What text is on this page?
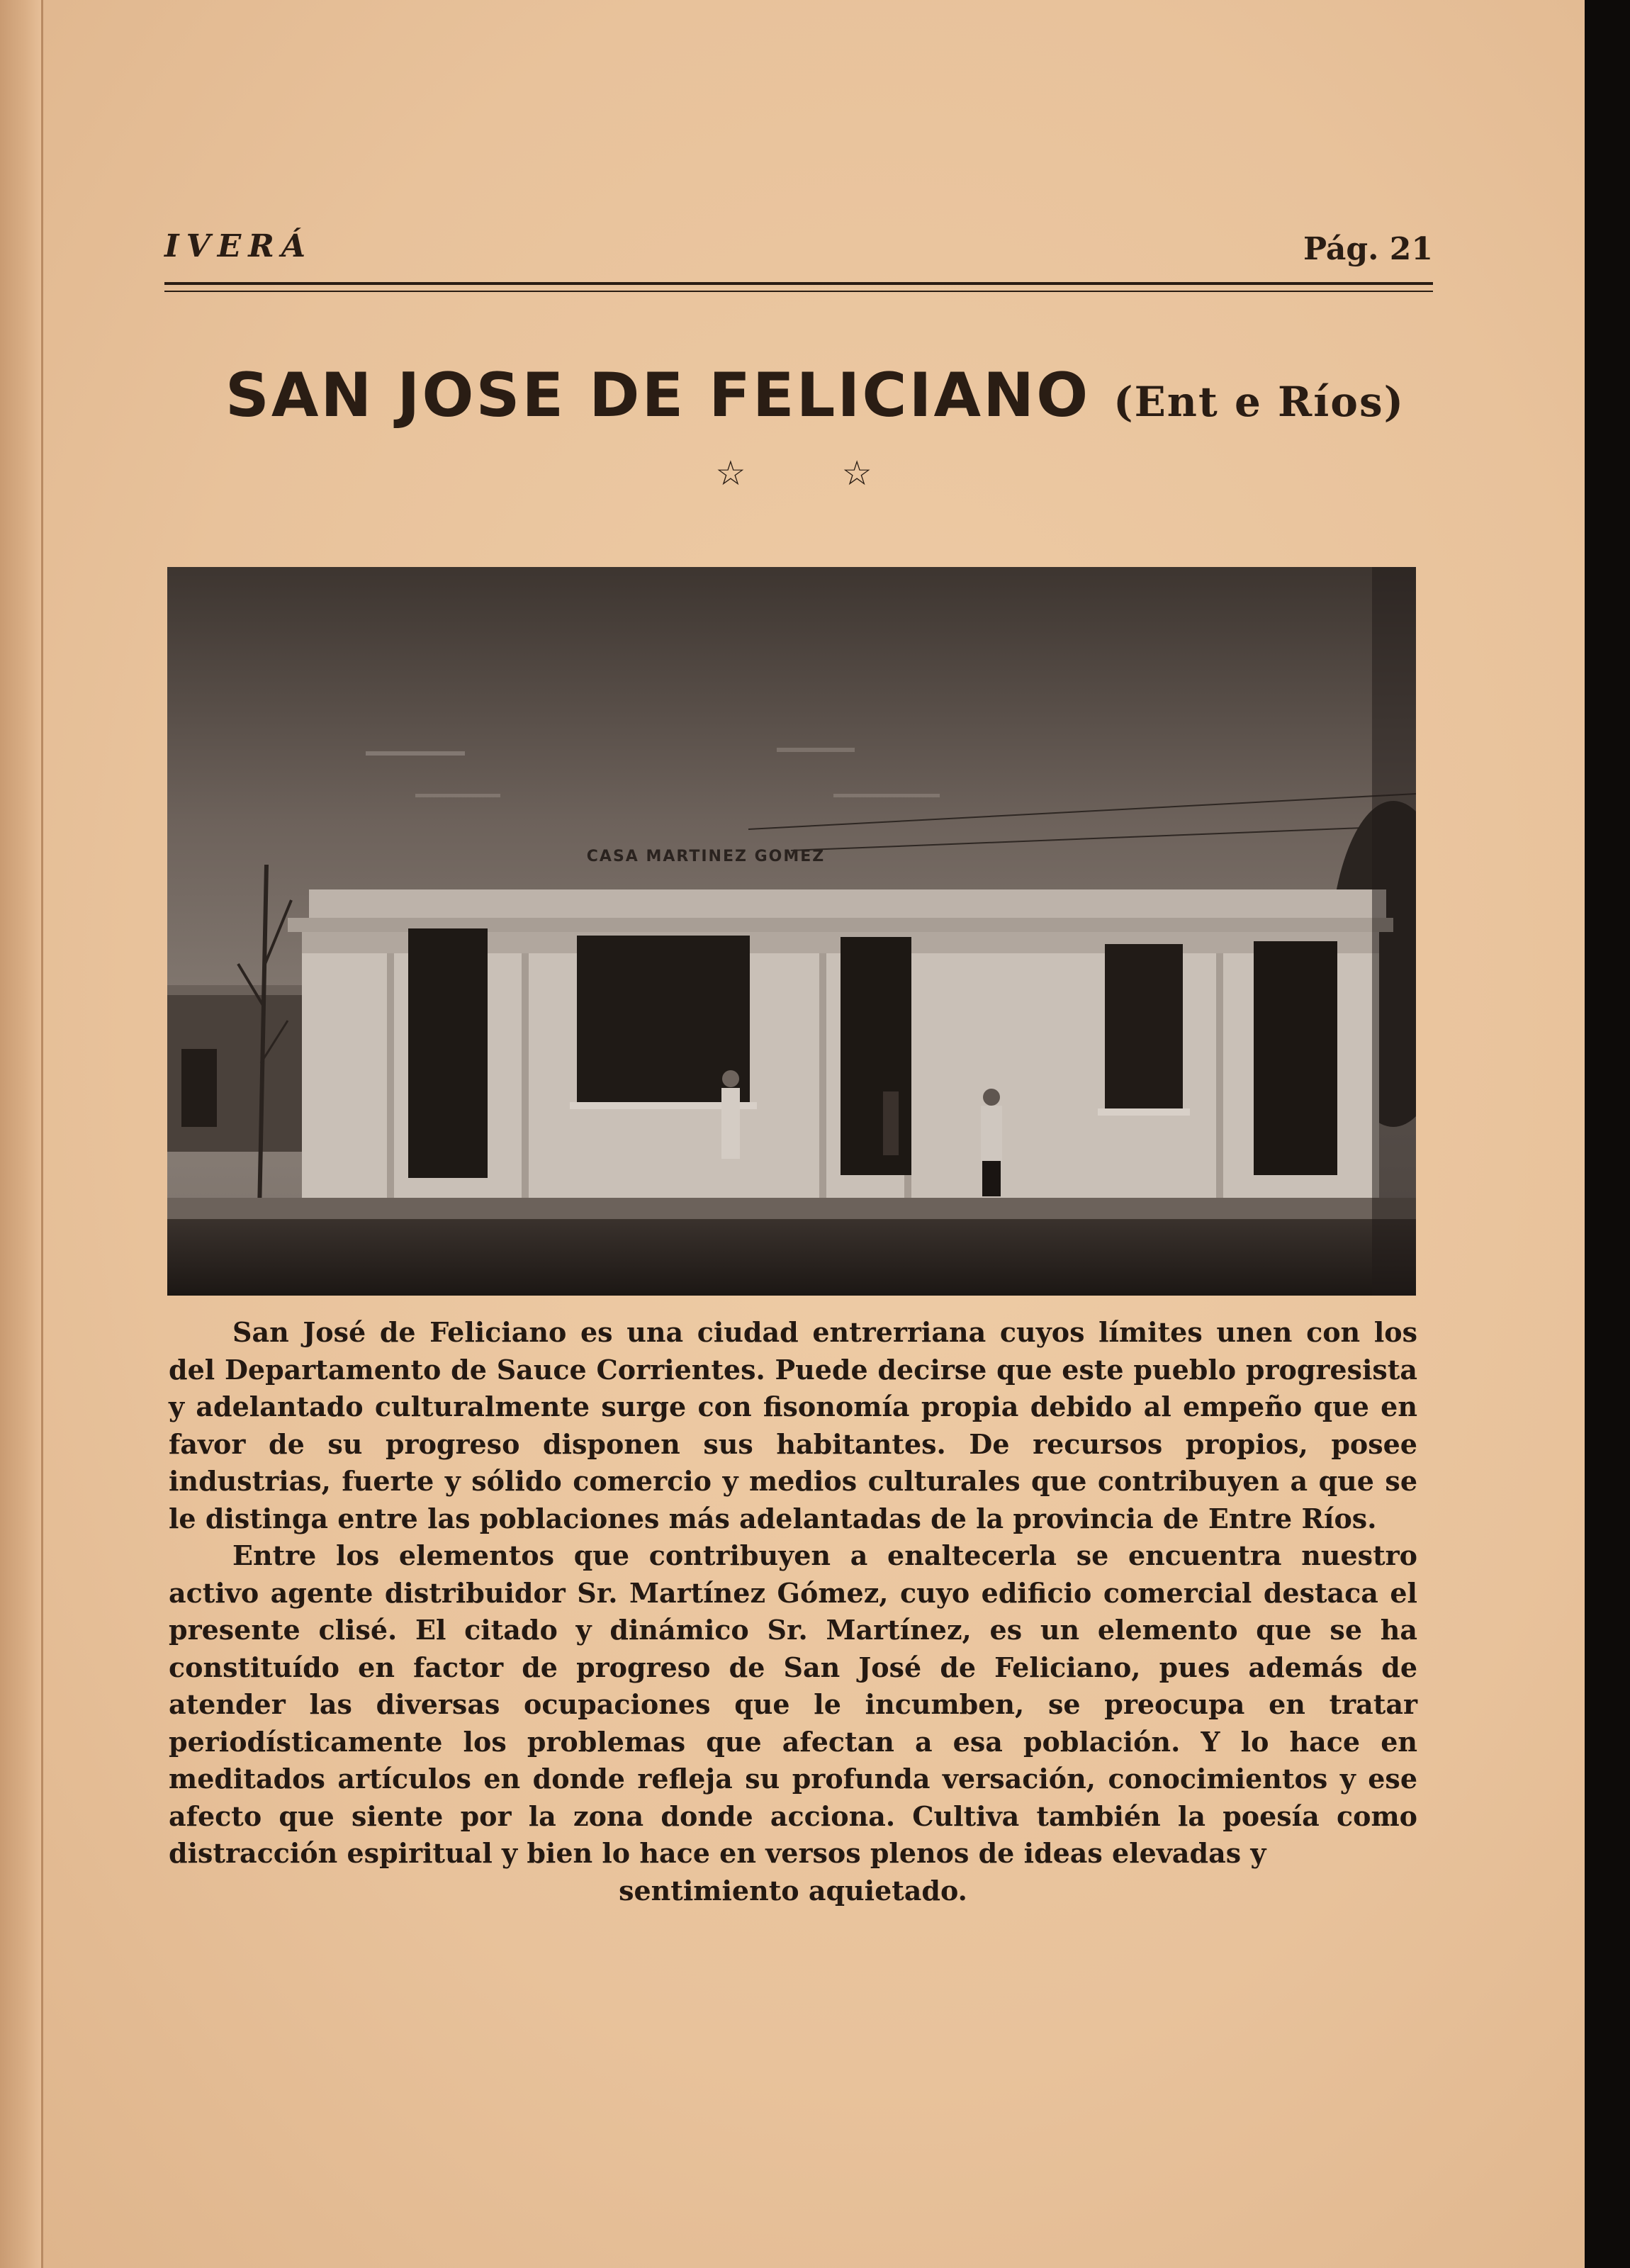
IVERÁ	Pág. 21
SAN JOSE DE FELICIANO (Ent e Ríos)
☆ ☆
CASA MARTINEZ GOMEZ

San José de Feliciano es una ciudad entrerriana cuyos límites unen con los del Departamento de Sauce Corrientes. Puede decirse que este pueblo progresista y adelantado culturalmente surge con fisonomía propia debido al empeño que en favor de su progreso disponen sus habitantes. De recursos propios, posee industrias, fuerte y sólido comercio y medios culturales que contribuyen a que se le distinga entre las poblaciones más adelantadas de la provincia de Entre Ríos.

Entre los elementos que contribuyen a enaltecerla se encuentra nuestro activo agente distribuidor Sr. Martínez Gómez, cuyo edificio comercial destaca el presente clisé. El citado y dinámico Sr. Martínez, es un elemento que se ha constituído en factor de progreso de San José de Feliciano, pues además de atender las diversas ocupaciones que le incumben, se preocupa en tratar periodísticamente los problemas que afectan a esa población. Y lo hace en meditados artículos en donde refleja su profunda versación, conocimientos y ese afecto que siente por la zona donde acciona. Cultiva también la poesía como distracción espiritual y bien lo hace en versos plenos de ideas elevadas y
sentimiento aquietado.
